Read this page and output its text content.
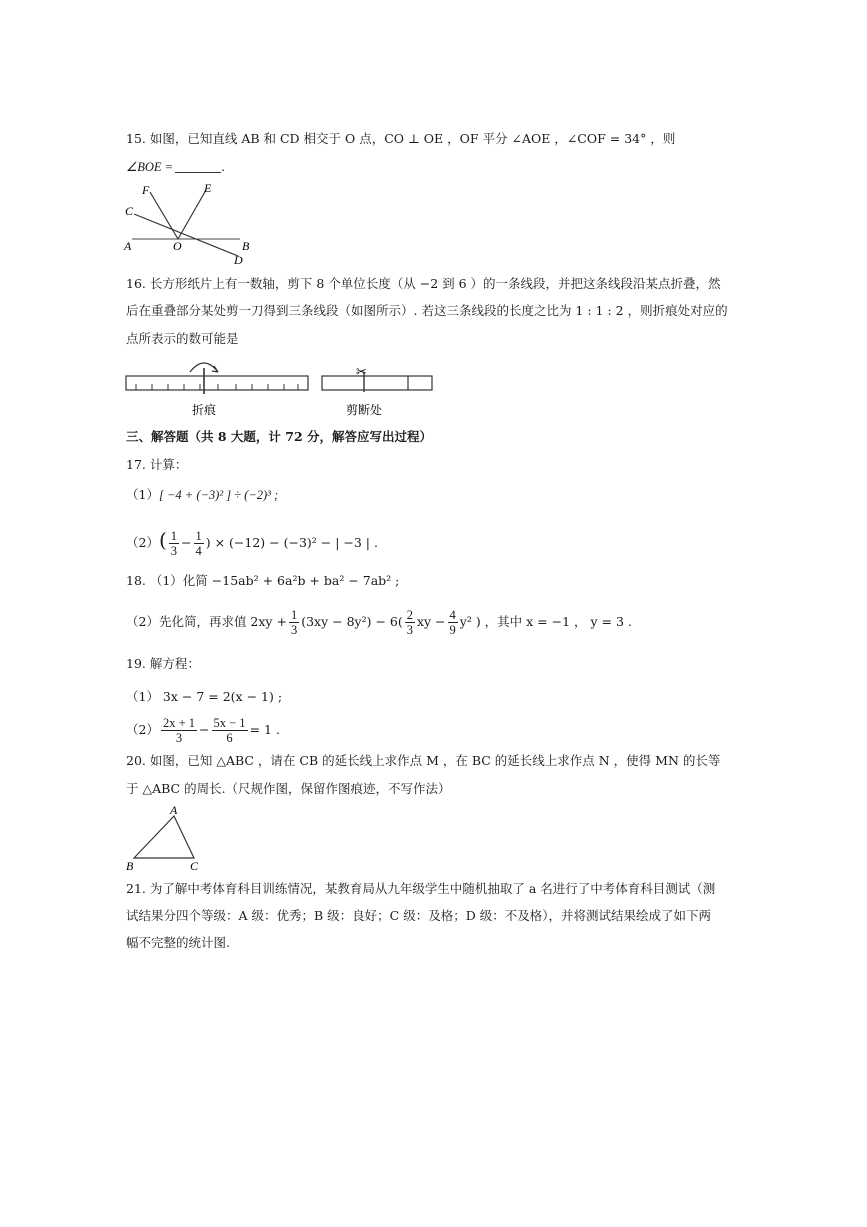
15. 如图，已知直线 AB 和 CD 相交于 O 点，CO ⊥ OE ，OF 平分 ∠AOE ，∠COF = 34° ，则
∠BOE =	.
F	E
C
A	O	B
D
16. 长方形纸片上有一数轴，剪下 8 个单位长度（从 −2 到 6 ）的一条线段，并把这条线段沿某点折叠，然
后在重叠部分某处剪一刀得到三条线段（如图所示）. 若这三条线段的长度之比为 1 : 1 : 2 ，则折痕处对应的
点所表示的数可能是
折痕
✂
剪断处
三、解答题（共 8 大题，计 72 分，解答应写出过程）
17. 计算：
（1）[ −4 + (−3)² ] ÷ (−2)³ ;
$(2)( \frac{1}{3} - \frac{1}{4}$ ) × (−12) − (−3)² − | −3 | .
18. （1）化简 −15ab² + 6a²b + ba² − 7ab² ;
（2）先化简，再求值 $2xy + \frac{1}{3} (3xy - 8y^2) - 6( \frac{2}{3}$ xy − $\frac{4}{9} y^2$ ) ，其中 x = −1 ， y = 3 .
19. 解方程：
（1） 3x − 7 = 2(x − 1) ;
$(2) \frac{2x + 1}{3} - \frac{5x - 1}{6} = 1$ .
20. 如图，已知 △ABC ，请在 CB 的延长线上求作点 M ，在 BC 的延长线上求作点 N ，使得 MN 的长等
于 △ABC 的周长.（尺规作图，保留作图痕迹，不写作法）
A
B	C
21. 为了解中考体育科目训练情况，某教育局从九年级学生中随机抽取了 a 名进行了中考体育科目测试（测
试结果分四个等级：A 级：优秀；B 级：良好；C 级：及格；D 级：不及格），并将测试结果绘成了如下两
幅不完整的统计图.
